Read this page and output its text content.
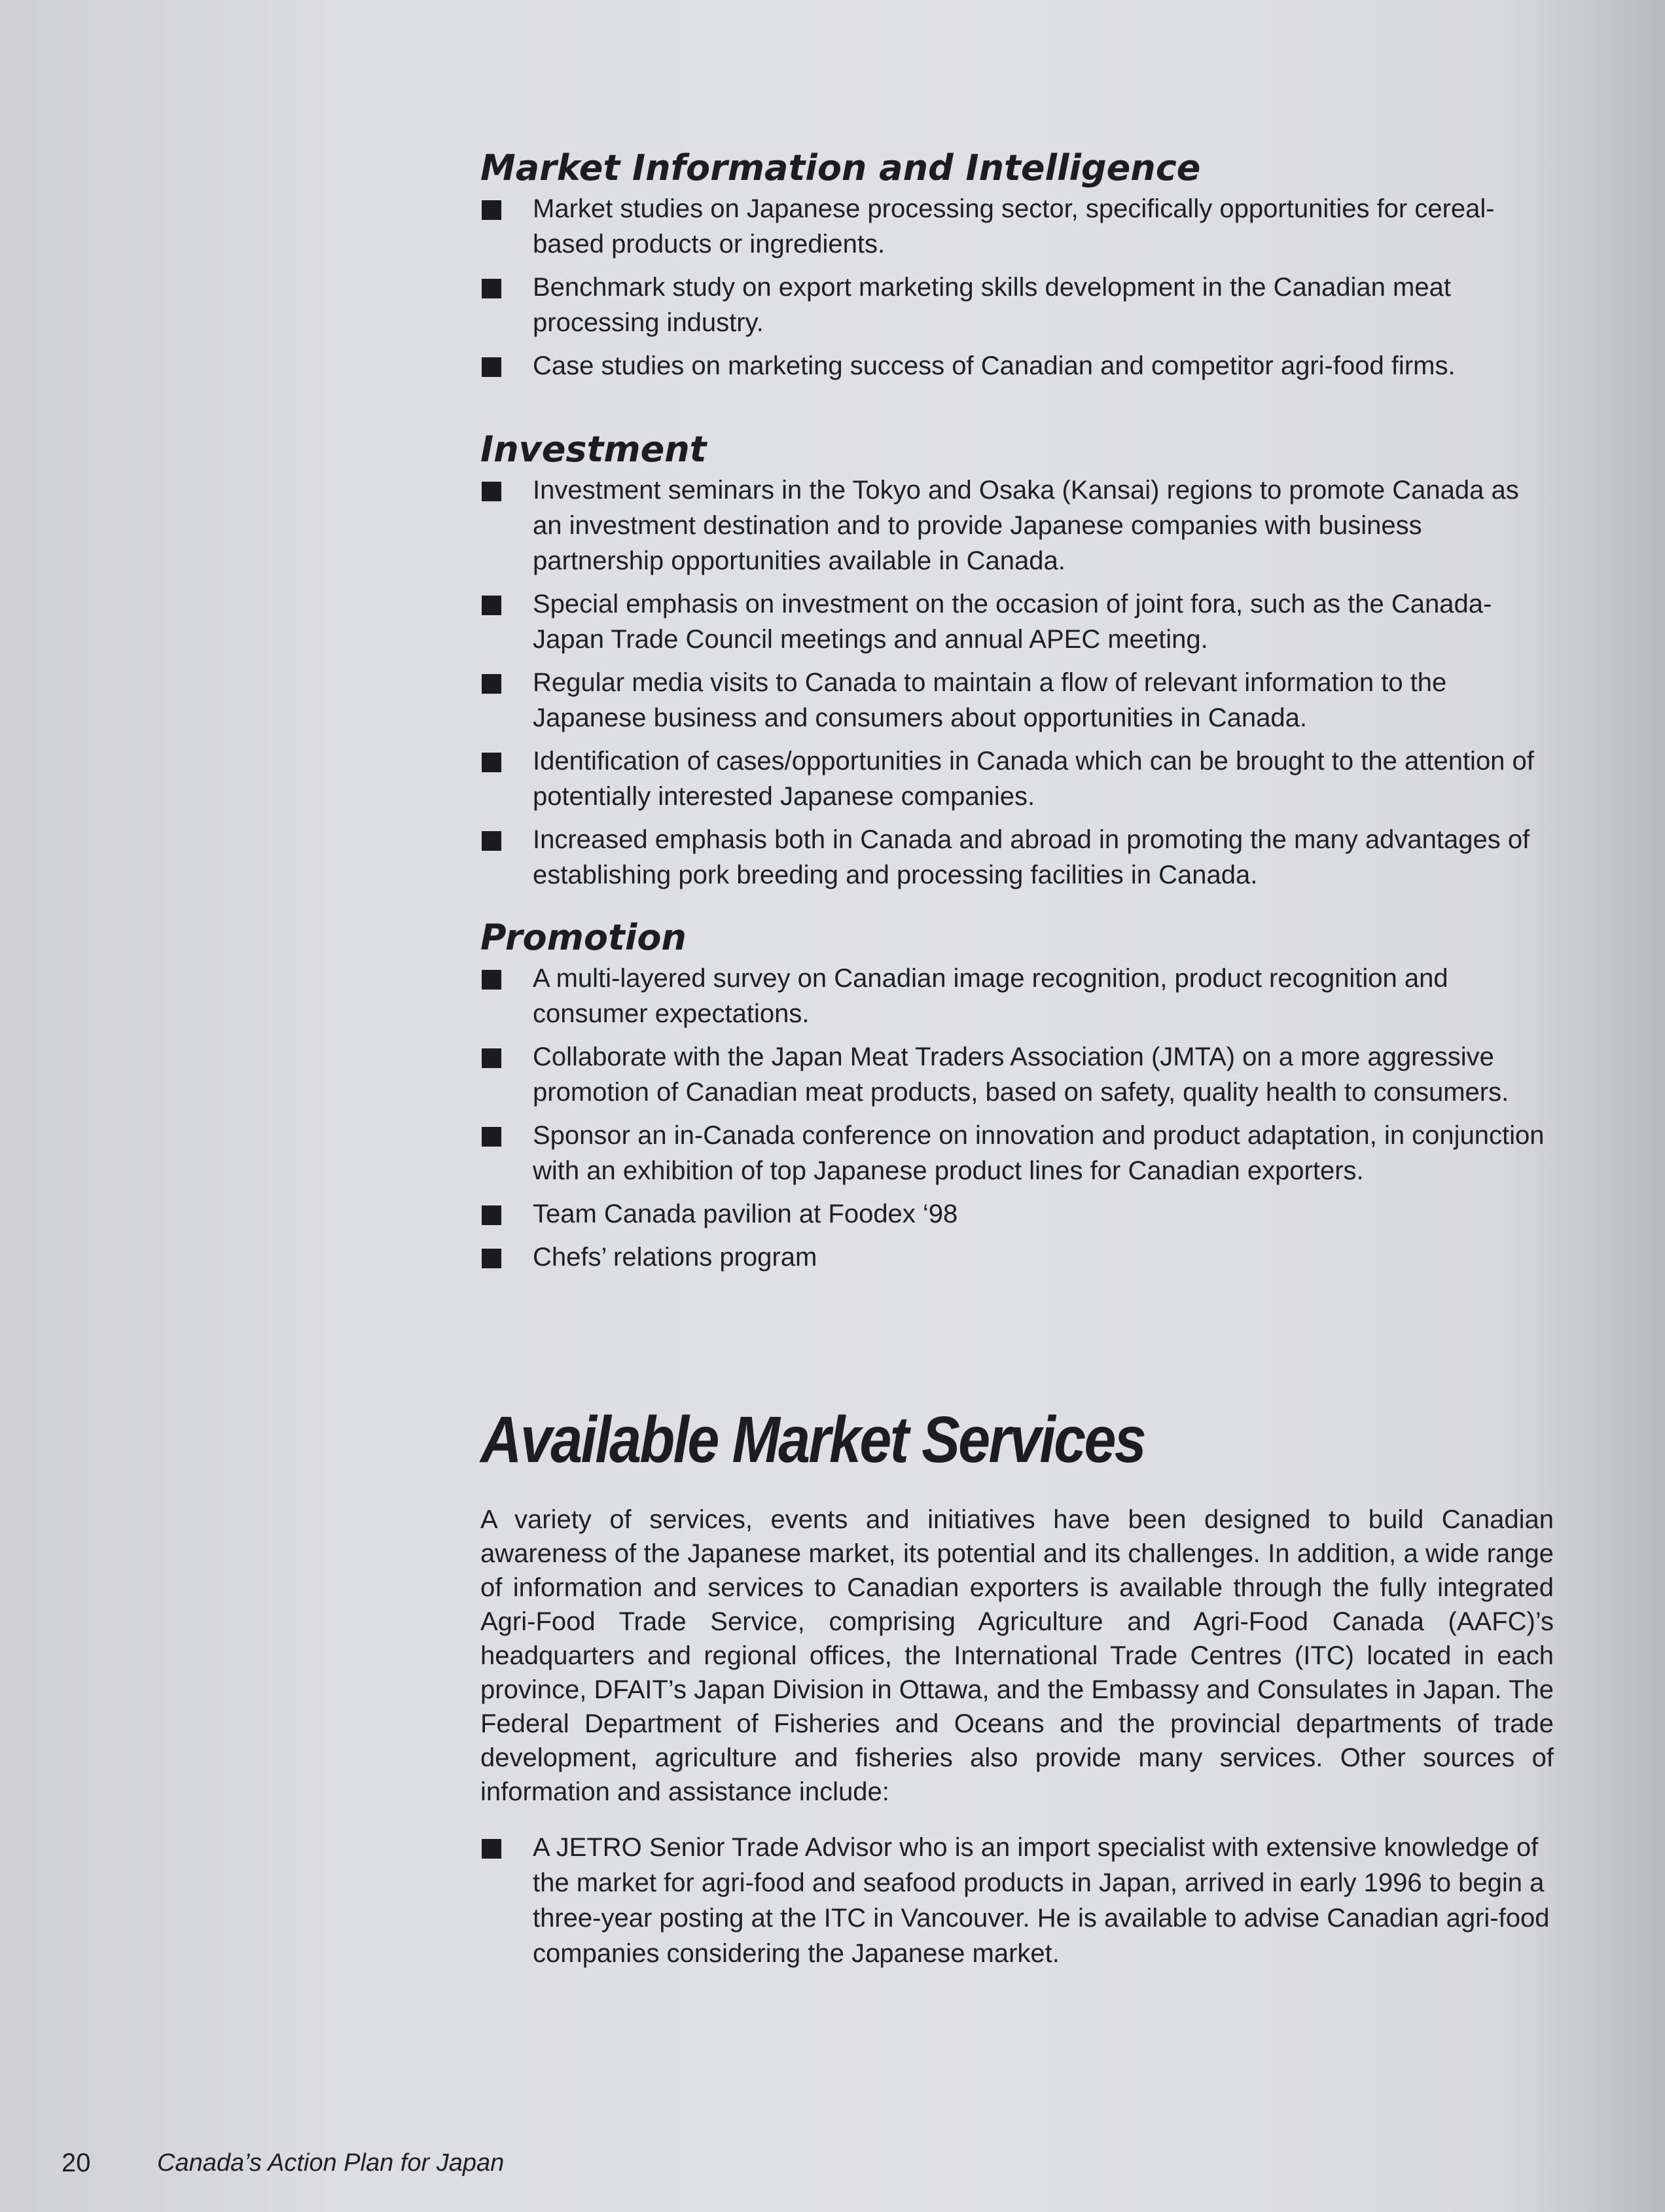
Market Information and Intelligence
Market studies on Japanese processing sector, specifically opportunities for cereal-based products or ingredients.
Benchmark study on export marketing skills development in the Canadian meat processing industry.
Case studies on marketing success of Canadian and competitor agri-food firms.
Investment
Investment seminars in the Tokyo and Osaka (Kansai) regions to promote Canada as an investment destination and to provide Japanese companies with business partnership opportunities available in Canada.
Special emphasis on investment on the occasion of joint fora, such as the Canada-Japan Trade Council meetings and annual APEC meeting.
Regular media visits to Canada to maintain a flow of relevant information to the Japanese business and consumers about opportunities in Canada.
Identification of cases/opportunities in Canada which can be brought to the attention of potentially interested Japanese companies.
Increased emphasis both in Canada and abroad in promoting the many advantages of establishing pork breeding and processing facilities in Canada.
Promotion
A multi-layered survey on Canadian image recognition, product recognition and consumer expectations.
Collaborate with the Japan Meat Traders Association (JMTA) on a more aggressive promotion of Canadian meat products, based on safety, quality health to consumers.
Sponsor an in-Canada conference on innovation and product adaptation, in conjunction with an exhibition of top Japanese product lines for Canadian exporters.
Team Canada pavilion at Foodex ‘98
Chefs’ relations program
Available Market Services

A variety of services, events and initiatives have been designed to build Canadian awareness of the Japanese market, its potential and its challenges. In addition, a wide range of information and services to Canadian exporters is available through the fully integrated Agri-Food Trade Service, comprising Agriculture and Agri-Food Canada (AAFC)’s headquarters and regional offices, the International Trade Centres (ITC) located in each province, DFAIT’s Japan Division in Ottawa, and the Embassy and Consulates in Japan. The Federal Department of Fisheries and Oceans and the provincial departments of trade development, agriculture and fisheries also provide many services. Other sources of information and assistance include:

A JETRO Senior Trade Advisor who is an import specialist with extensive knowledge of the market for agri-food and seafood products in Japan, arrived in early 1996 to begin a three-year posting at the ITC in Vancouver. He is available to advise Canadian agri-food companies considering the Japanese market.
20	Canada’s Action Plan for Japan
